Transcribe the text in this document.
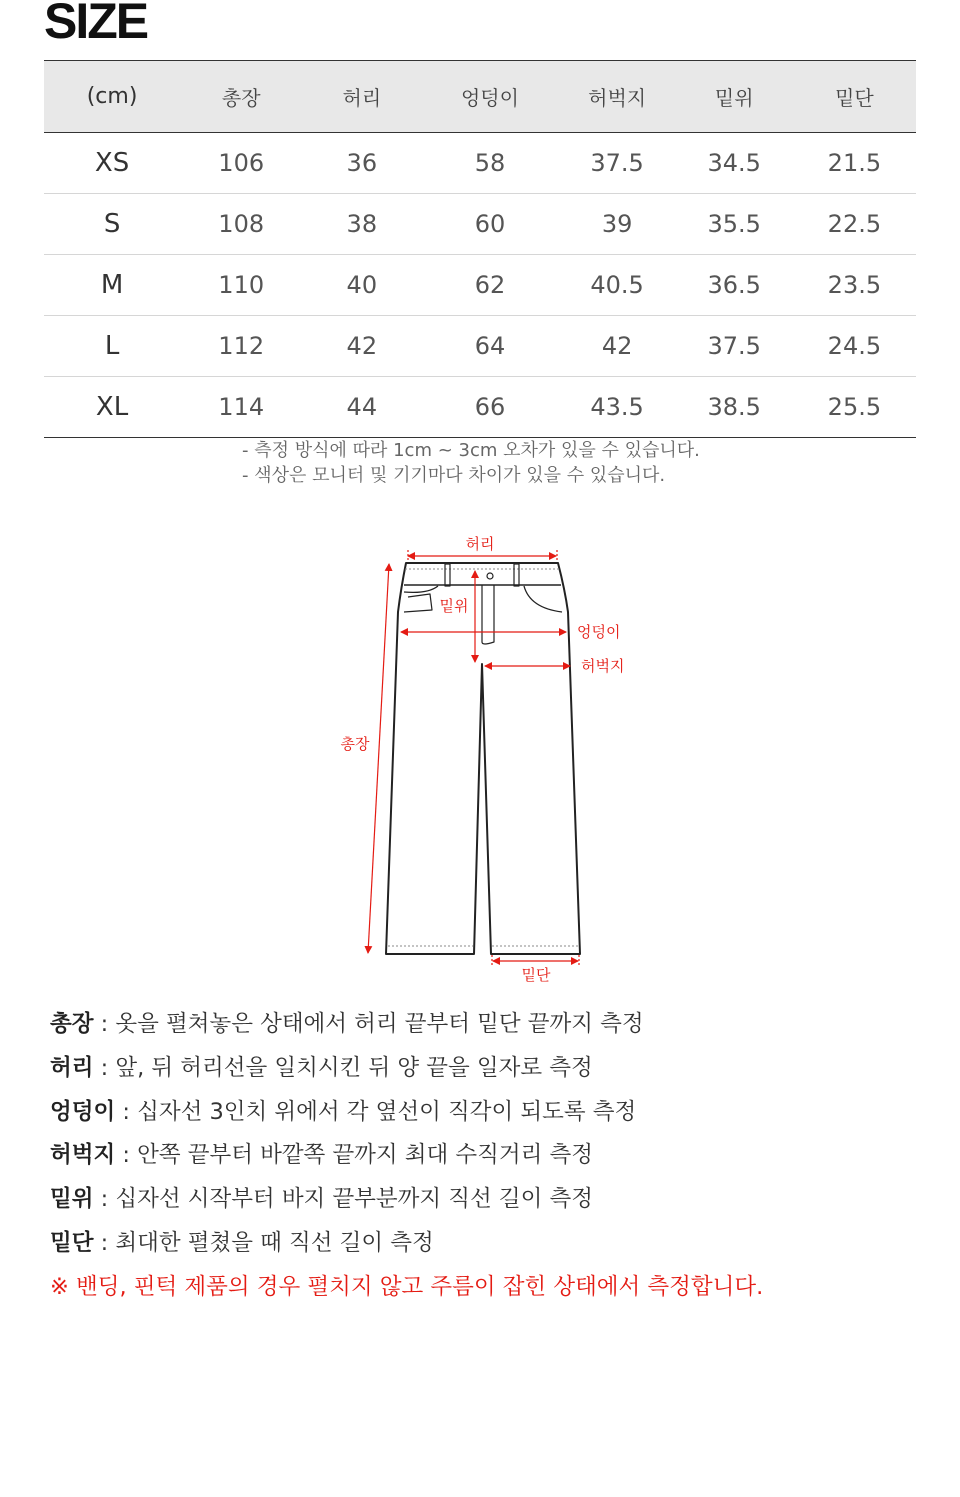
SIZE
(cm)	총장	허리	엉덩이	허벅지	밑위	밑단
XS	106	36	58	37.5	34.5	21.5
S	108	38	60	39	35.5	22.5
M	110	40	62	40.5	36.5	23.5
L	112	42	64	42	37.5	24.5
XL	114	44	66	43.5	38.5	25.5
- 측정 방식에 따라 1cm ~ 3cm 오차가 있을 수 있습니다.
- 색상은 모니터 및 기기마다 차이가 있을 수 있습니다.
허리
밑위
엉덩이
허벅지
총장
밑단
총장 : 옷을 펼쳐놓은 상태에서 허리 끝부터 밑단 끝까지 측정
허리 : 앞, 뒤 허리선을 일치시킨 뒤 양 끝을 일자로 측정
엉덩이 : 십자선 3인치 위에서 각 옆선이 직각이 되도록 측정
허벅지 : 안쪽 끝부터 바깥쪽 끝까지 최대 수직거리 측정
밑위 : 십자선 시작부터 바지 끝부분까지 직선 길이 측정
밑단 : 최대한 펼쳤을 때 직선 길이 측정
※ 밴딩, 핀턱 제품의 경우 펼치지 않고 주름이 잡힌 상태에서 측정합니다.
